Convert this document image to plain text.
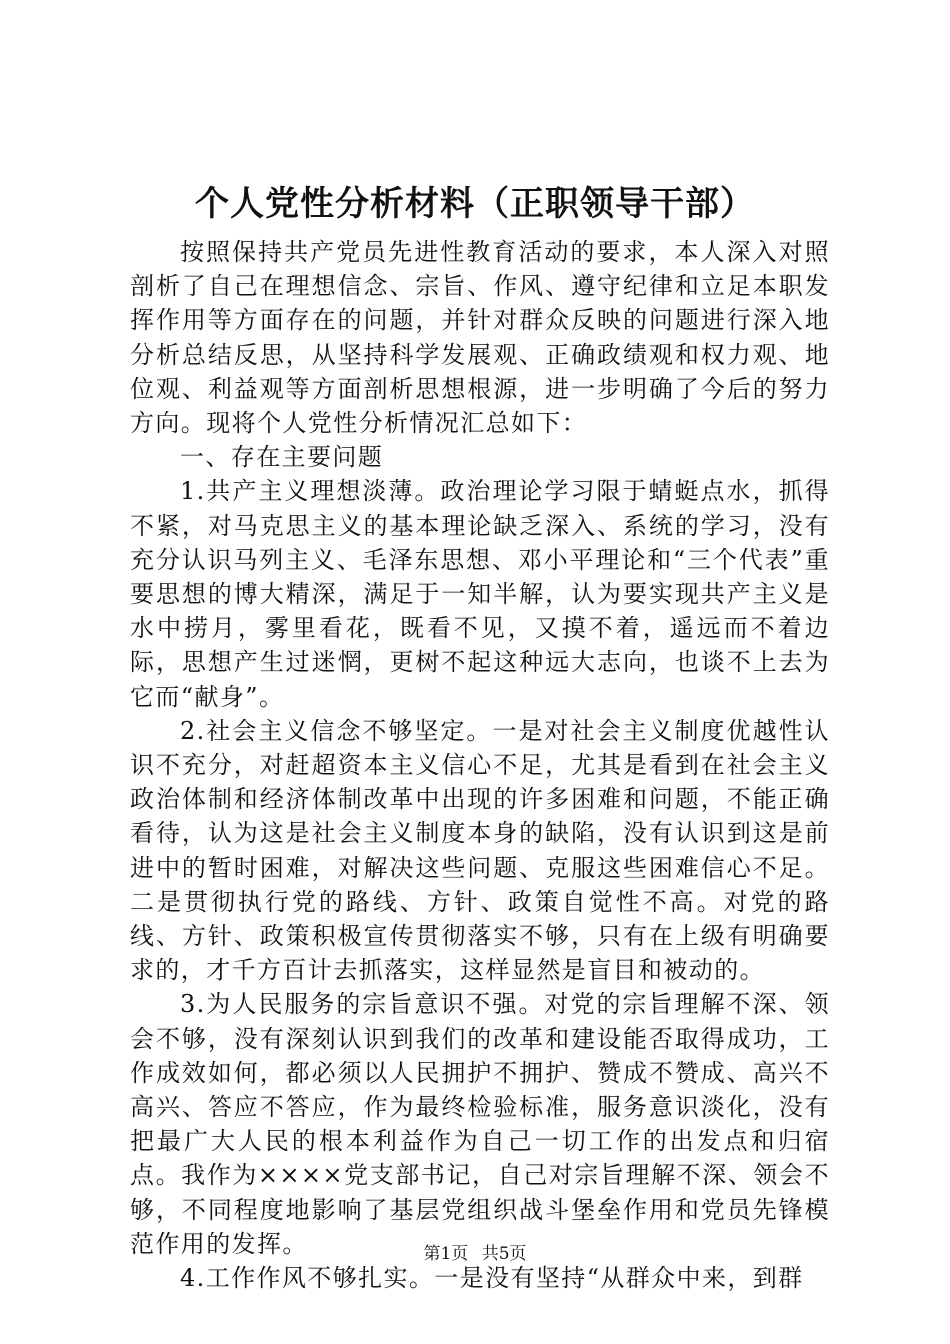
个人党性分析材料（正职领导干部）

按照保持共产党员先进性教育活动的要求，本人深入对照剖析了自己在理想信念、宗旨、作风、遵守纪律和立足本职发挥作用等方面存在的问题，并针对群众反映的问题进行深入地分析总结反思，从坚持科学发展观、正确政绩观和权力观、地位观、利益观等方面剖析思想根源，进一步明确了今后的努力方向。现将个人党性分析情况汇总如下：

一、存在主要问题

1.共产主义理想淡薄。政治理论学习限于蜻蜓点水，抓得不紧，对马克思主义的基本理论缺乏深入、系统的学习，没有充分认识马列主义、毛泽东思想、邓小平理论和“三个代表”重要思想的博大精深，满足于一知半解，认为要实现共产主义是水中捞月，雾里看花，既看不见，又摸不着，遥远而不着边际，思想产生过迷惘，更树不起这种远大志向，也谈不上去为它而“献身”。

2.社会主义信念不够坚定。一是对社会主义制度优越性认识不充分，对赶超资本主义信心不足，尤其是看到在社会主义政治体制和经济体制改革中出现的许多困难和问题，不能正确看待，认为这是社会主义制度本身的缺陷，没有认识到这是前进中的暂时困难，对解决这些问题、克服这些困难信心不足。二是贯彻执行党的路线、方针、政策自觉性不高。对党的路线、方针、政策积极宣传贯彻落实不够，只有在上级有明确要求的，才千方百计去抓落实，这样显然是盲目和被动的。

3.为人民服务的宗旨意识不强。对党的宗旨理解不深、领会不够，没有深刻认识到我们的改革和建设能否取得成功，工作成效如何，都必须以人民拥护不拥护、赞成不赞成、高兴不高兴、答应不答应，作为最终检验标准，服务意识淡化，没有把最广大人民的根本利益作为自己一切工作的出发点和归宿点。我作为××××党支部书记，自己对宗旨理解不深、领会不够，不同程度地影响了基层党组织战斗堡垒作用和党员先锋模范作用的发挥。

4.工作作风不够扎实。一是没有坚持“从群众中来，到群

第1页 共5页
